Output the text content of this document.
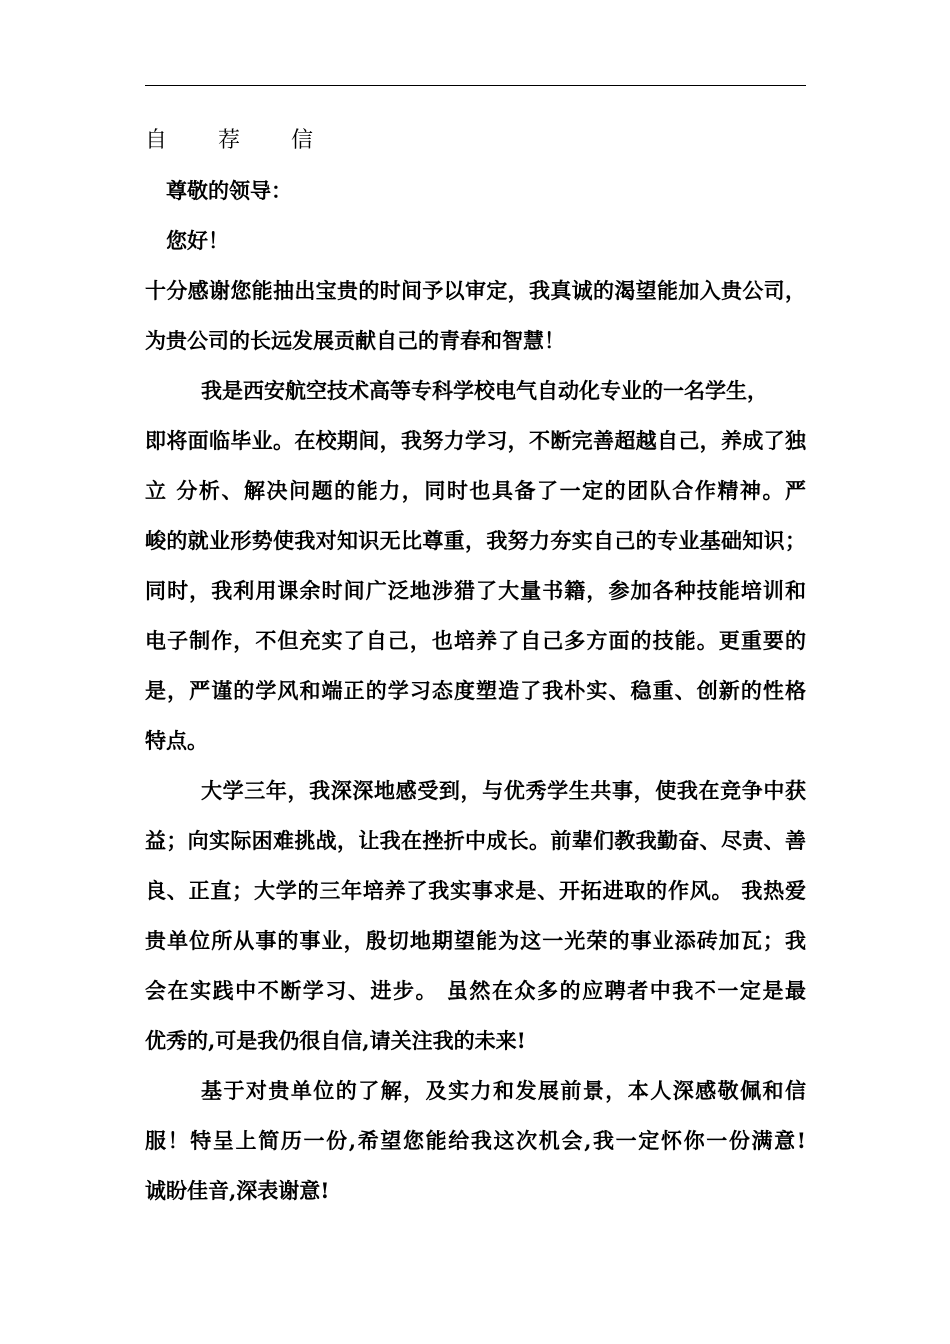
自 荐 信
尊敬的领导：
您好！
十分感谢您能抽出宝贵的时间予以审定，我真诚的渴望能加入贵公司，
为贵公司的长远发展贡献自己的青春和智慧！
我是西安航空技术高等专科学校电气自动化专业的一名学生，
即将面临毕业。在校期间，我努力学习，不断完善超越自己，养成了独
立 分析、解决问题的能力，同时也具备了一定的团队合作精神。严
峻的就业形势使我对知识无比尊重，我努力夯实自己的专业基础知识；
同时，我利用课余时间广泛地涉猎了大量书籍，参加各种技能培训和
电子制作，不但充实了自己，也培养了自己多方面的技能。更重要的
是，严谨的学风和端正的学习态度塑造了我朴实、稳重、创新的性格
特点。
大学三年，我深深地感受到，与优秀学生共事，使我在竞争中获
益；向实际困难挑战，让我在挫折中成长。前辈们教我勤奋、尽责、善
良、正直；大学的三年培养了我实事求是、开拓进取的作风。 我热爱
贵单位所从事的事业，殷切地期望能为这一光荣的事业添砖加瓦；我
会在实践中不断学习、进步。 虽然在众多的应聘者中我不一定是最
优秀的,可是我仍很自信,请关注我的未来!
基于对贵单位的了解，及实力和发展前景，本人深感敬佩和信
服！特呈上简历一份,希望您能给我这次机会,我一定怀你一份满意!
诚盼佳音,深表谢意!
